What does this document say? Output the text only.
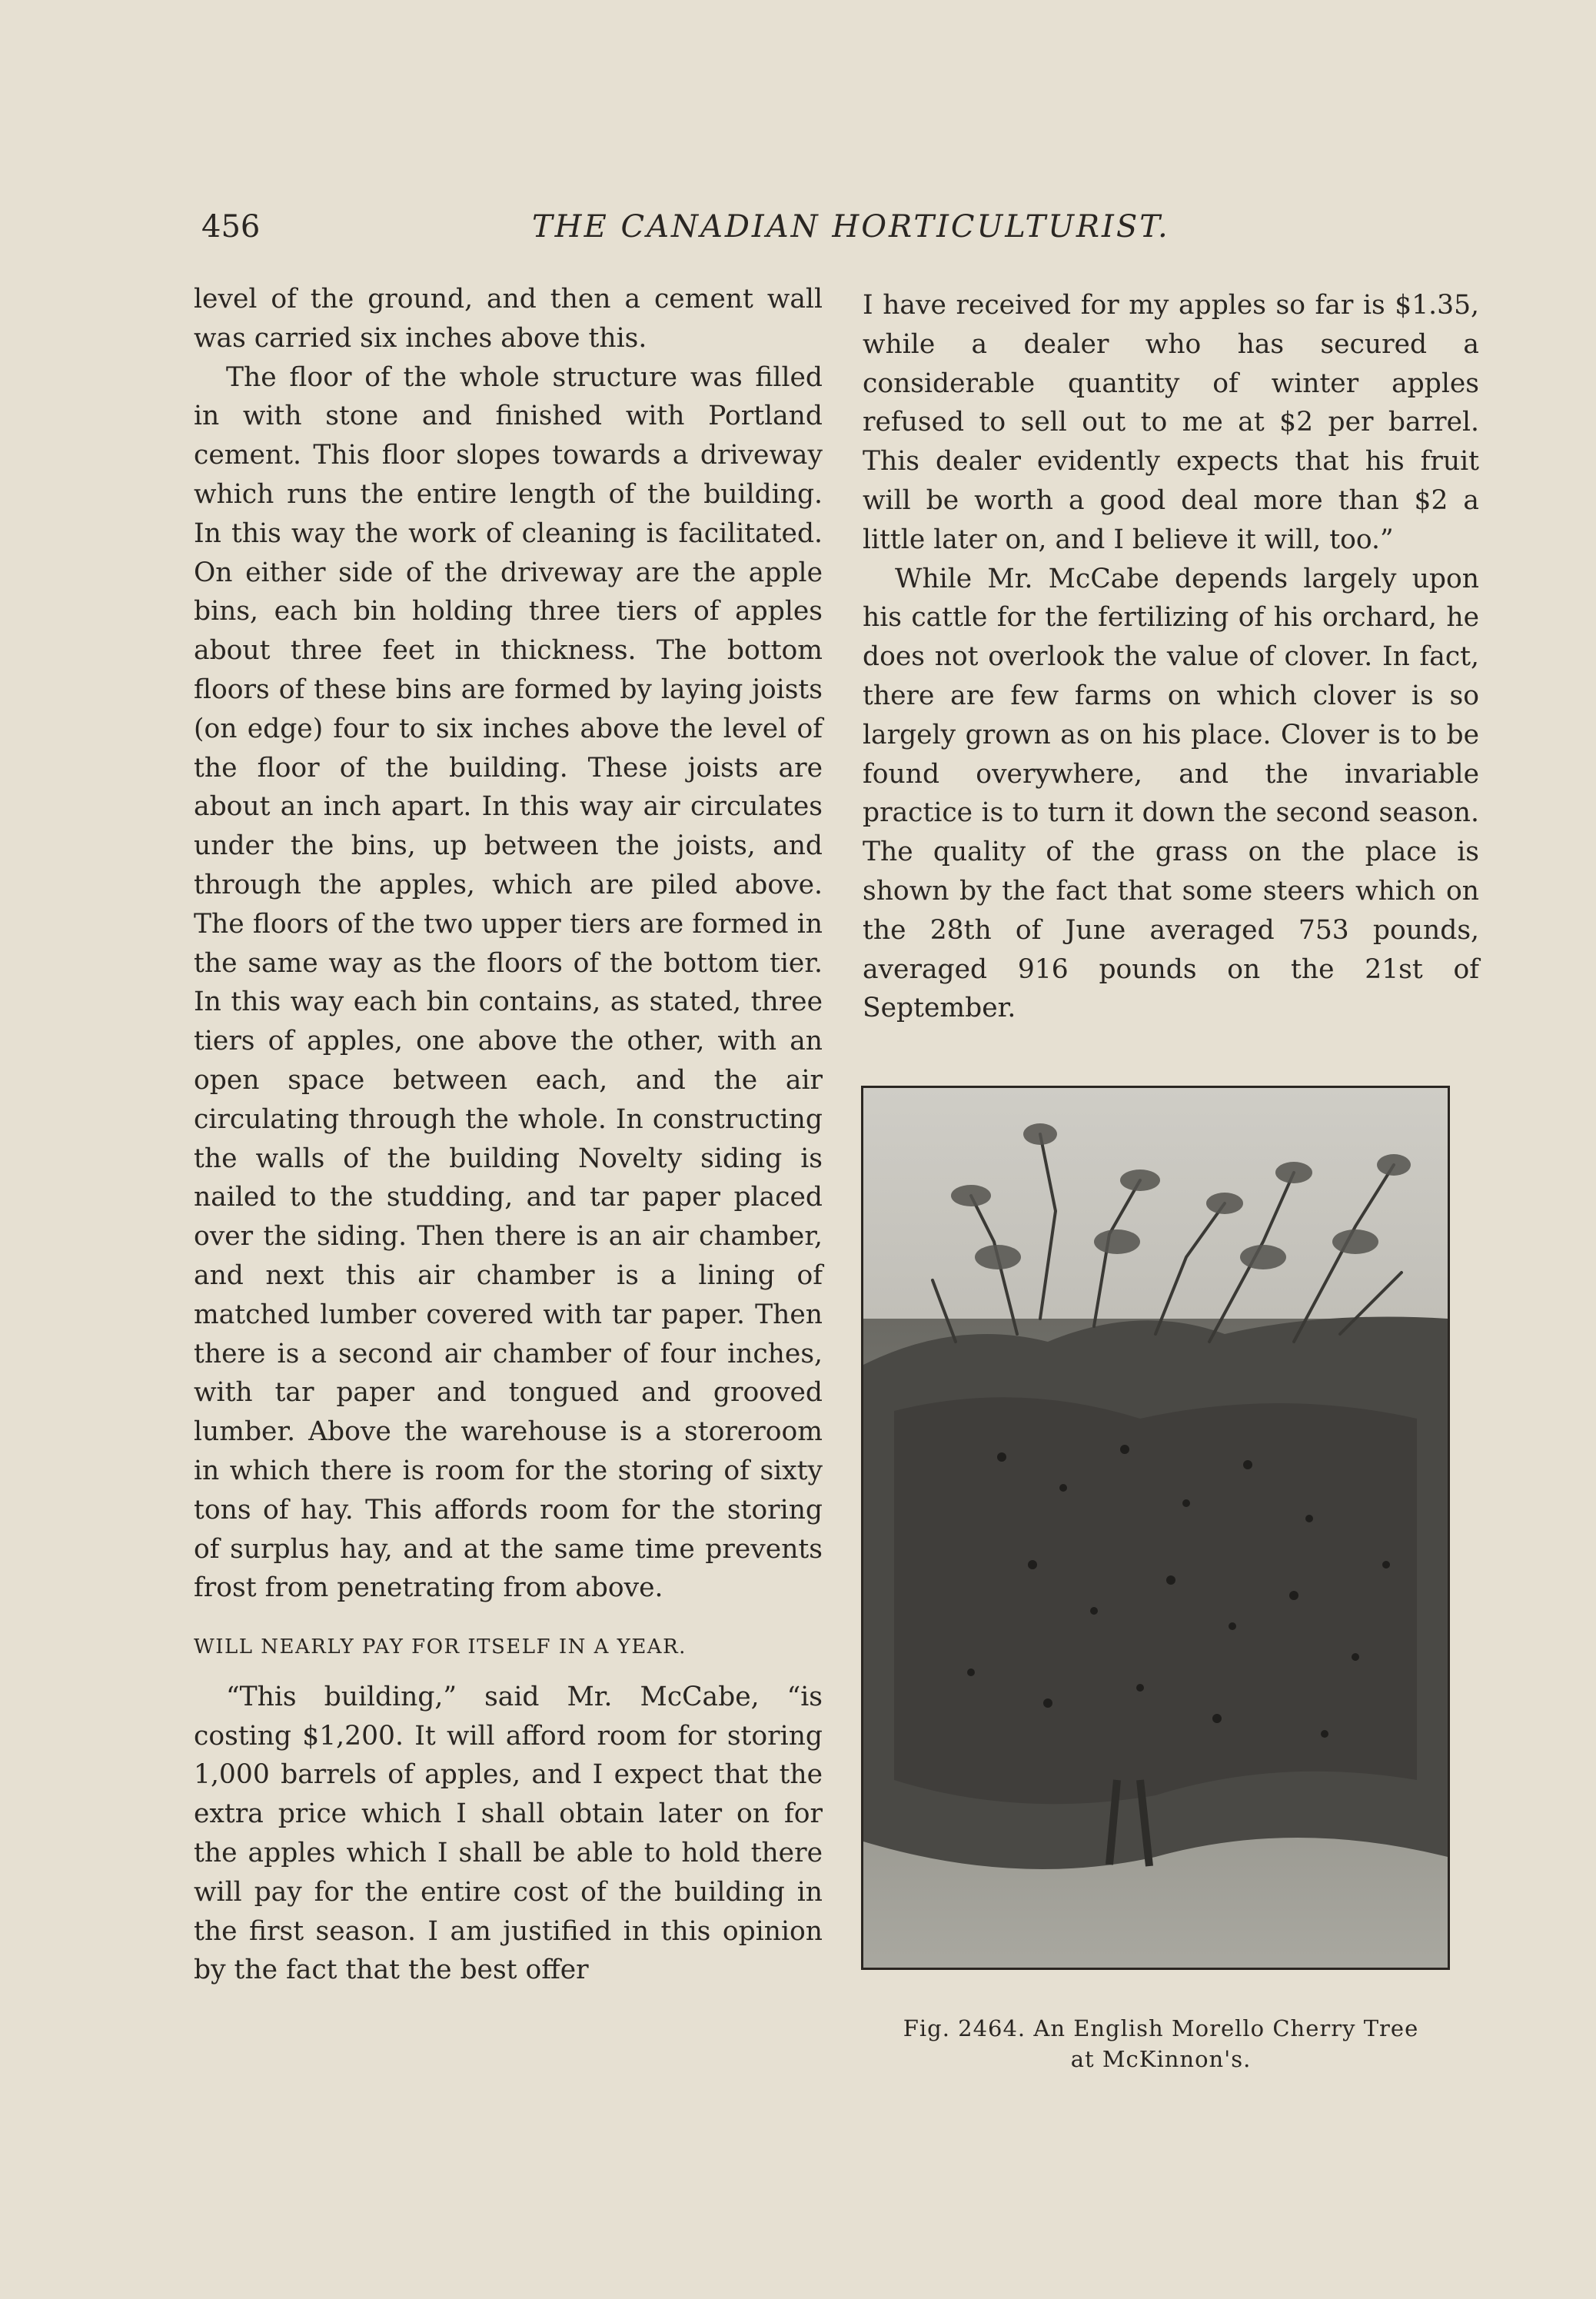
456	THE CANADIAN HORTICULTURIST.

level of the ground, and then a cement wall was carried six inches above this.

The floor of the whole structure was filled in with stone and finished with Portland cement. This floor slopes towards a driveway which runs the entire length of the building. In this way the work of cleaning is facilitated. On either side of the driveway are the apple bins, each bin holding three tiers of apples about three feet in thickness. The bottom floors of these bins are formed by laying joists (on edge) four to six inches above the level of the floor of the building. These joists are about an inch apart. In this way air circulates under the bins, up between the joists, and through the apples, which are piled above. The floors of the two upper tiers are formed in the same way as the floors of the bottom tier. In this way each bin contains, as stated, three tiers of apples, one above the other, with an open space between each, and the air circulating through the whole. In constructing the walls of the building Novelty siding is nailed to the studding, and tar paper placed over the siding. Then there is an air chamber, and next this air chamber is a lining of matched lumber covered with tar paper. Then there is a second air chamber of four inches, with tar paper and tongued and grooved lumber. Above the warehouse is a storeroom in which there is room for the storing of sixty tons of hay. This affords room for the storing of surplus hay, and at the same time prevents frost from penetrating from above.

WILL NEARLY PAY FOR ITSELF IN A YEAR.

“This building,” said Mr. McCabe, “is costing $1,200. It will afford room for storing 1,000 barrels of apples, and I expect that the extra price which I shall obtain later on for the apples which I shall be able to hold there will pay for the entire cost of the building in the first season. I am justified in this opinion by the fact that the best offer

I have received for my apples so far is $1.35, while a dealer who has secured a considerable quantity of winter apples refused to sell out to me at $2 per barrel. This dealer evidently expects that his fruit will be worth a good deal more than $2 a little later on, and I believe it will, too.”

While Mr. McCabe depends largely upon his cattle for the fertilizing of his orchard, he does not overlook the value of clover. In fact, there are few farms on which clover is so largely grown as on his place. Clover is to be found overywhere, and the invariable practice is to turn it down the second season. The quality of the grass on the place is shown by the fact that some steers which on the 28th of June averaged 753 pounds, averaged 916 pounds on the 21st of September.

Fig. 2464. An English Morello Cherry Tree
at McKinnon's.
